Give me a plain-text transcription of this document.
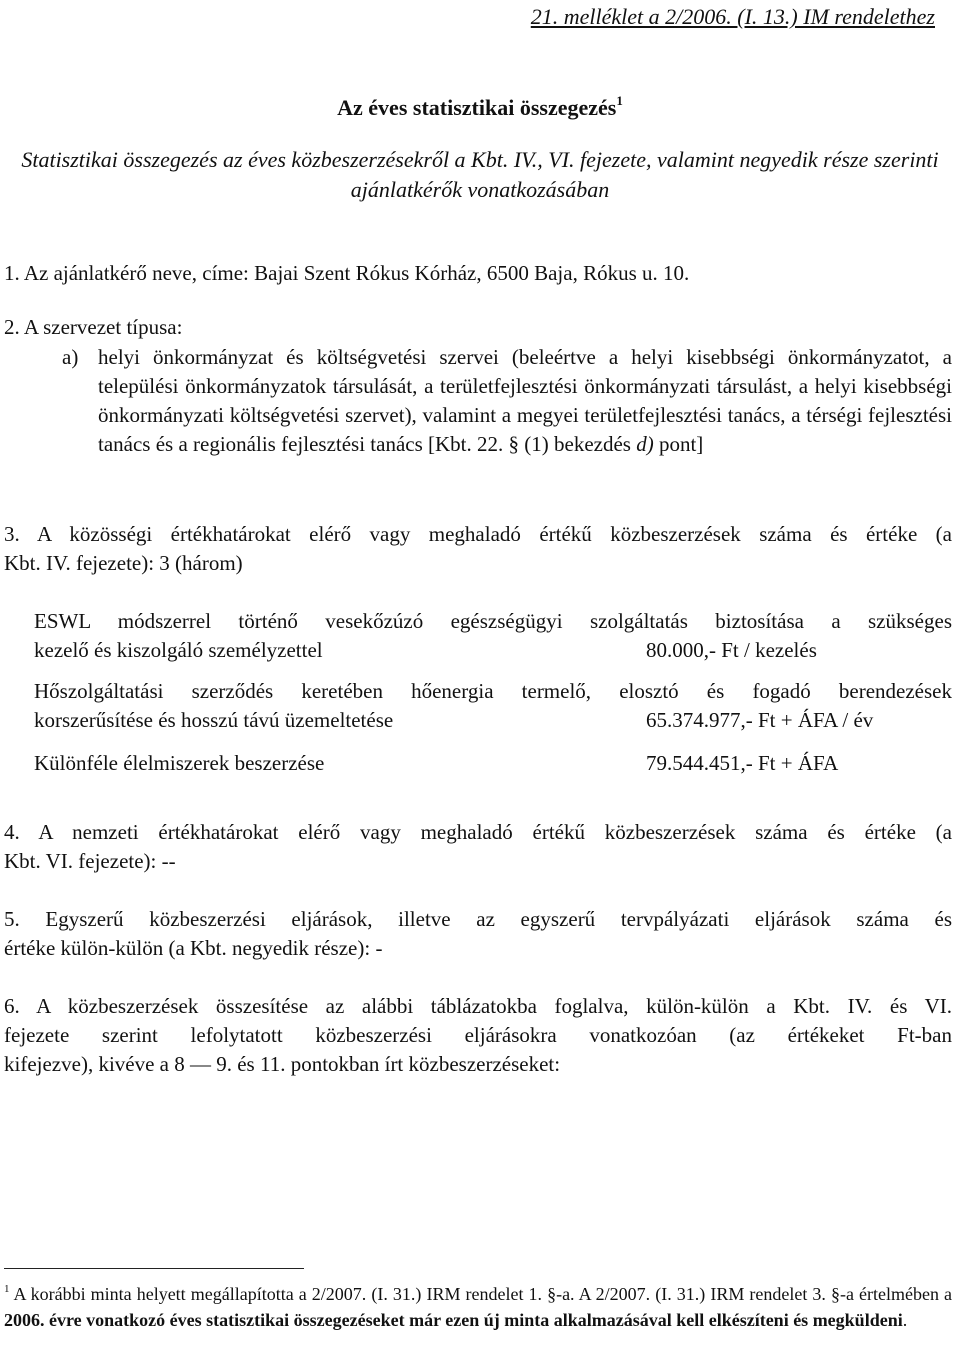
21. melléklet a 2/2006. (I. 13.) IM rendelethez
Az éves statisztikai összegezés$^1$
Statisztikai összegezés az éves közbeszerzésekről a Kbt. IV., VI. fejezete, valamint negyedik része szerinti ajánlatkérők vonatkozásában
1. Az ajánlatkérő neve, címe: Bajai Szent Rókus Kórház, 6500 Baja, Rókus u. 10.
2. A szervezet típusa:
a) helyi önkormányzat és költségvetési szervei (beleértve a helyi kisebbségi önkormányzatot, a települési önkormányzatok társulását, a területfejlesztési önkormányzati társulást, a helyi kisebbségi önkormányzati költségvetési szervet), valamint a megyei területfejlesztési tanács, a térségi fejlesztési tanács és a regionális fejlesztési tanács [Kbt. 22. § (1) bekezdés d) pont]
3. A közösségi értékhatárokat elérő vagy meghaladó értékű közbeszerzések száma és értéke (a
Kbt. IV. fejezete): 3 (három)
ESWL módszerrel történő vesekőzúzó egészségügyi szolgáltatás biztosítása a szükséges
kezelő és kiszolgáló személyzettel	80.000,- Ft / kezelés
Hőszolgáltatási szerződés keretében hőenergia termelő, elosztó és fogadó berendezések
korszerűsítése és hosszú távú üzemeltetése	65.374.977,- Ft + ÁFA / év
Különféle élelmiszerek beszerzése	79.544.451,- Ft + ÁFA
4. A nemzeti értékhatárokat elérő vagy meghaladó értékű közbeszerzések száma és értéke (a
Kbt. VI. fejezete): --
5. Egyszerű közbeszerzési eljárások, illetve az egyszerű tervpályázati eljárások száma és
értéke külön-külön (a Kbt. negyedik része): -
6. A közbeszerzések összesítése az alábbi táblázatokba foglalva, külön-külön a Kbt. IV. és VI.
fejezete szerint lefolytatott közbeszerzési eljárásokra vonatkozóan (az értékeket Ft-ban
kifejezve), kivéve a 8 — 9. és 11. pontokban írt közbeszerzéseket:
$^1$ A korábbi minta helyett megállapította a 2/2007. (I. 31.) IRM rendelet 1. §-a. A 2/2007. (I. 31.) IRM rendelet 3. §-a értelmében a 2006. évre vonatkozó éves statisztikai összegezéseket már ezen új minta alkalmazásával kell elkészíteni és megküldeni.
